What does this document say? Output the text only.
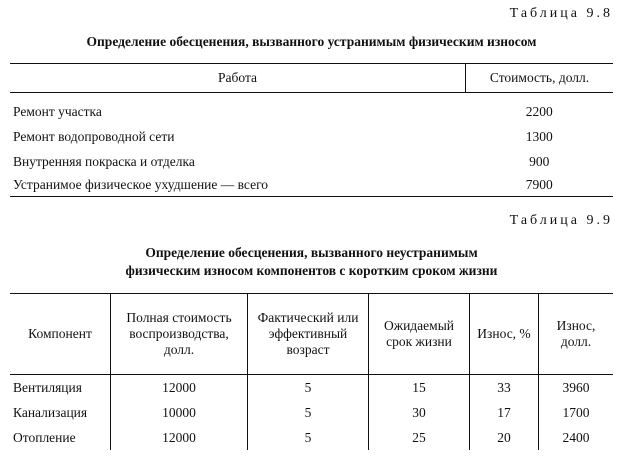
Таблица 9.8
Определение обесценения, вызванного устранимым физическим износом
Работа	Стоимость, долл.
Ремонт участка	2200
Ремонт водопроводной сети	1300
Внутренняя покраска и отделка	900
Устранимое физическое ухудшение — всего	7900
Таблица 9.9
Определение обесценения, вызванного неустранимым
физическим износом компонентов с коротким сроком жизни
Компонент	Полная стоимость воспроизводства, долл.	Фактический или эффективный возраст	Ожидаемый срок жизни	Износ, %	Износ, долл.
Вентиляция	12000	5	15	33	3960
Канализация	10000	5	30	17	1700
Отопление	12000	5	25	20	2400
